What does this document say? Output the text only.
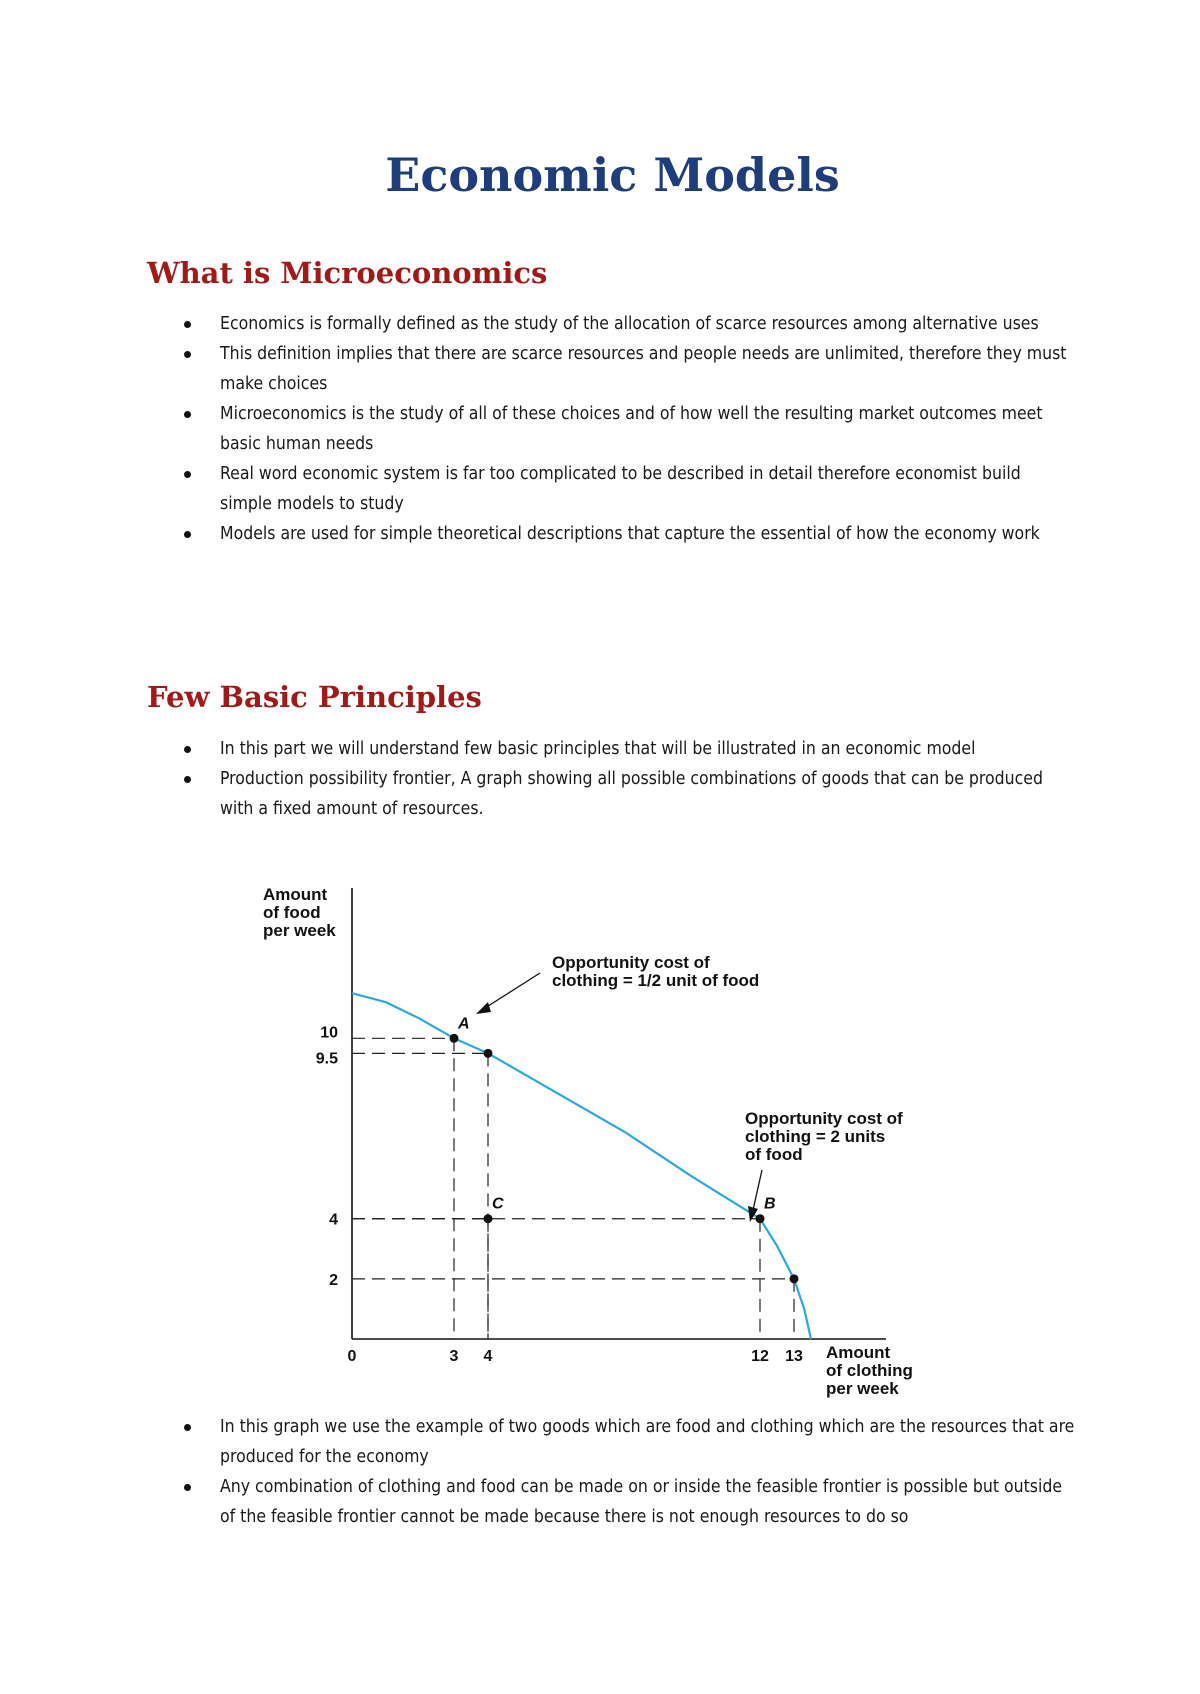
Economic Models
What is Microeconomics
Economics is formally defined as the study of the allocation of scarce resources among alternative uses
This definition implies that there are scarce resources and people needs are unlimited, therefore they must make choices
Microeconomics is the study of all of these choices and of how well the resulting market outcomes meet basic human needs
Real word economic system is far too complicated to be described in detail therefore economist build simple models to study
Models are used for simple theoretical descriptions that capture the essential of how the economy work
Few Basic Principles
In this part we will understand few basic principles that will be illustrated in an economic model
Production possibility frontier, A graph showing all possible combinations of goods that can be produced with a fixed amount of resources.
Amount
of food
per week
Amount
of clothing
per week
A
C	B
0	3 4	12 13
2
4
9.5
10
Opportunity cost of
clothing = 1/2 unit of food
Opportunity cost of
clothing = 2 units
of food
In this graph we use the example of two goods which are food and clothing which are the resources that are produced for the economy
Any combination of clothing and food can be made on or inside the feasible frontier is possible but outside of the feasible frontier cannot be made because there is not enough resources to do so
